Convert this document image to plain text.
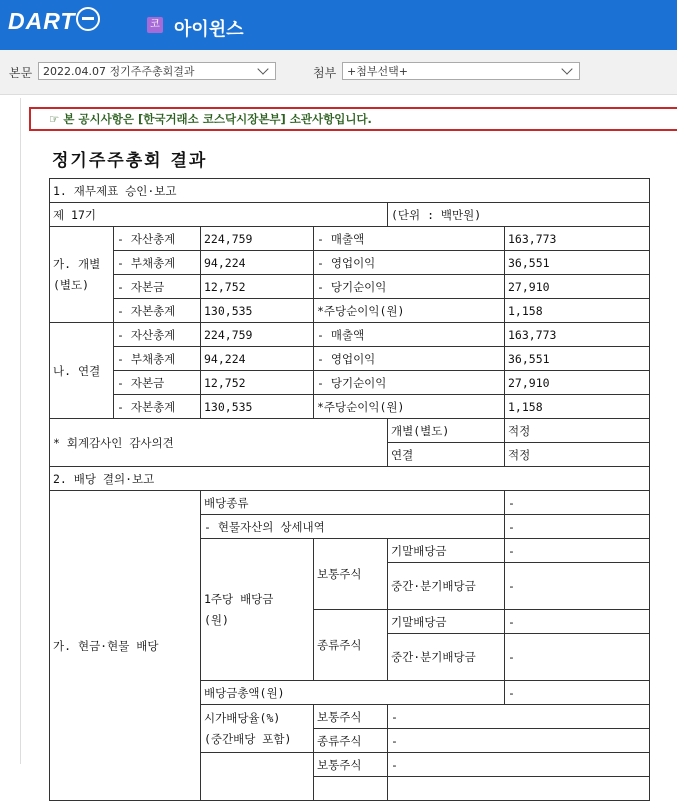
DART	코 아이윈스
본문 2022.04.07 정기주주총회결과	첨부 +첨부선택+
☞ 본 공시사항은 [한국거래소 코스닥시장본부] 소관사항입니다.
정기주주총회 결과
1. 재무제표 승인·보고					
제 17기				(단위 : 백만원)	
가. 개별
(별도)	- 자산총계	224,759	- 매출액		163,773
	- 부채총계	94,224	- 영업이익		36,551
	- 자본금	12,752	- 당기순이익		27,910
	- 자본총계	130,535	*주당순이익(원)		1,158
나. 연결	- 자산총계	224,759	- 매출액		163,773
	- 부채총계	94,224	- 영업이익		36,551
	- 자본금	12,752	- 당기순이익		27,910
	- 자본총계	130,535	*주당순이익(원)		1,158
* 회계감사인 감사의견				개별(별도)	적정
				연결	적정
2. 배당 결의·보고					
가. 현금·현물 배당		배당종류			-
		- 현물자산의 상세내역			-
		1주당 배당금
(원)	보통주식	기말배당금	-
				중간·분기배당금	-
			종류주식	기말배당금	-
				중간·분기배당금	-
		배당금총액(원)			-
		시가배당율(%)
(중간배당 포함)	보통주식	-	
			종류주식	-	
			보통주식	-	
